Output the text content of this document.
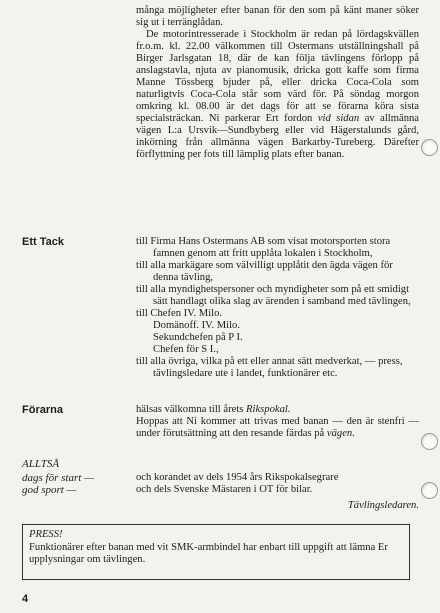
många möjligheter efter banan för den som på känt maner söker sig ut i terränglådan.

De motorintresserade i Stockholm är redan på lördagskvällen fr.o.m. kl. 22.00 välkommen till Ostermans utställningshall på Birger Jarlsgatan 18, där de kan följa tävlingens förlopp på anslagstavla, njuta av pianomusik, dricka gott kaffe som firma Manne Tössberg bjuder på, eller dricka Coca-Cola som naturligtvis Coca-Cola står som värd för. På söndag morgon omkring kl. 08.00 är det dags för att se förarna köra sista specialsträckan. Ni parkerar Ert fordon vid sidan av allmänna vägen L:a Ursvik—Sundbyberg eller vid Hägerstalunds gård, inkörning från allmänna vägen Barkarby-Tureberg. Därefter förflyttning per fots till lämplig plats efter banan.

Ett Tack	till Firma Hans Ostermans AB som visat motorsporten stora famnen genom att fritt upplåta lokalen i Stockholm,

till alla markägare som välvilligt upplåtit den ägda vägen för denna tävling,

till alla myndighetspersoner och myndigheter som på ett smidigt sätt handlagt olika slag av ärenden i samband med tävlingen,

till Chefen IV. Milo.

Domänoff. IV. Milo.

Sekundchefen på P I.

Chefen för S I.,

till alla övriga, vilka på ett eller annat sätt medverkat, — press, tävlingsledare ute i landet, funktionärer etc.

Förarna	hälsas välkomna till årets Rikspokal.

Hoppas att Ni kommer att trivas med banan — den är stenfri — under förutsättning att den resande färdas på vägen.

ALLTSÅ
dags för start —
god sport —

och korandet av dels 1954 års Rikspokalsegrare

och dels Svenske Mästaren i OT för bilar.

Tävlingsledaren.
PRESS!
Funktionärer efter banan med vit SMK-armbindel har enbart till uppgift att lämna Er upplysningar om tävlingen.
4
